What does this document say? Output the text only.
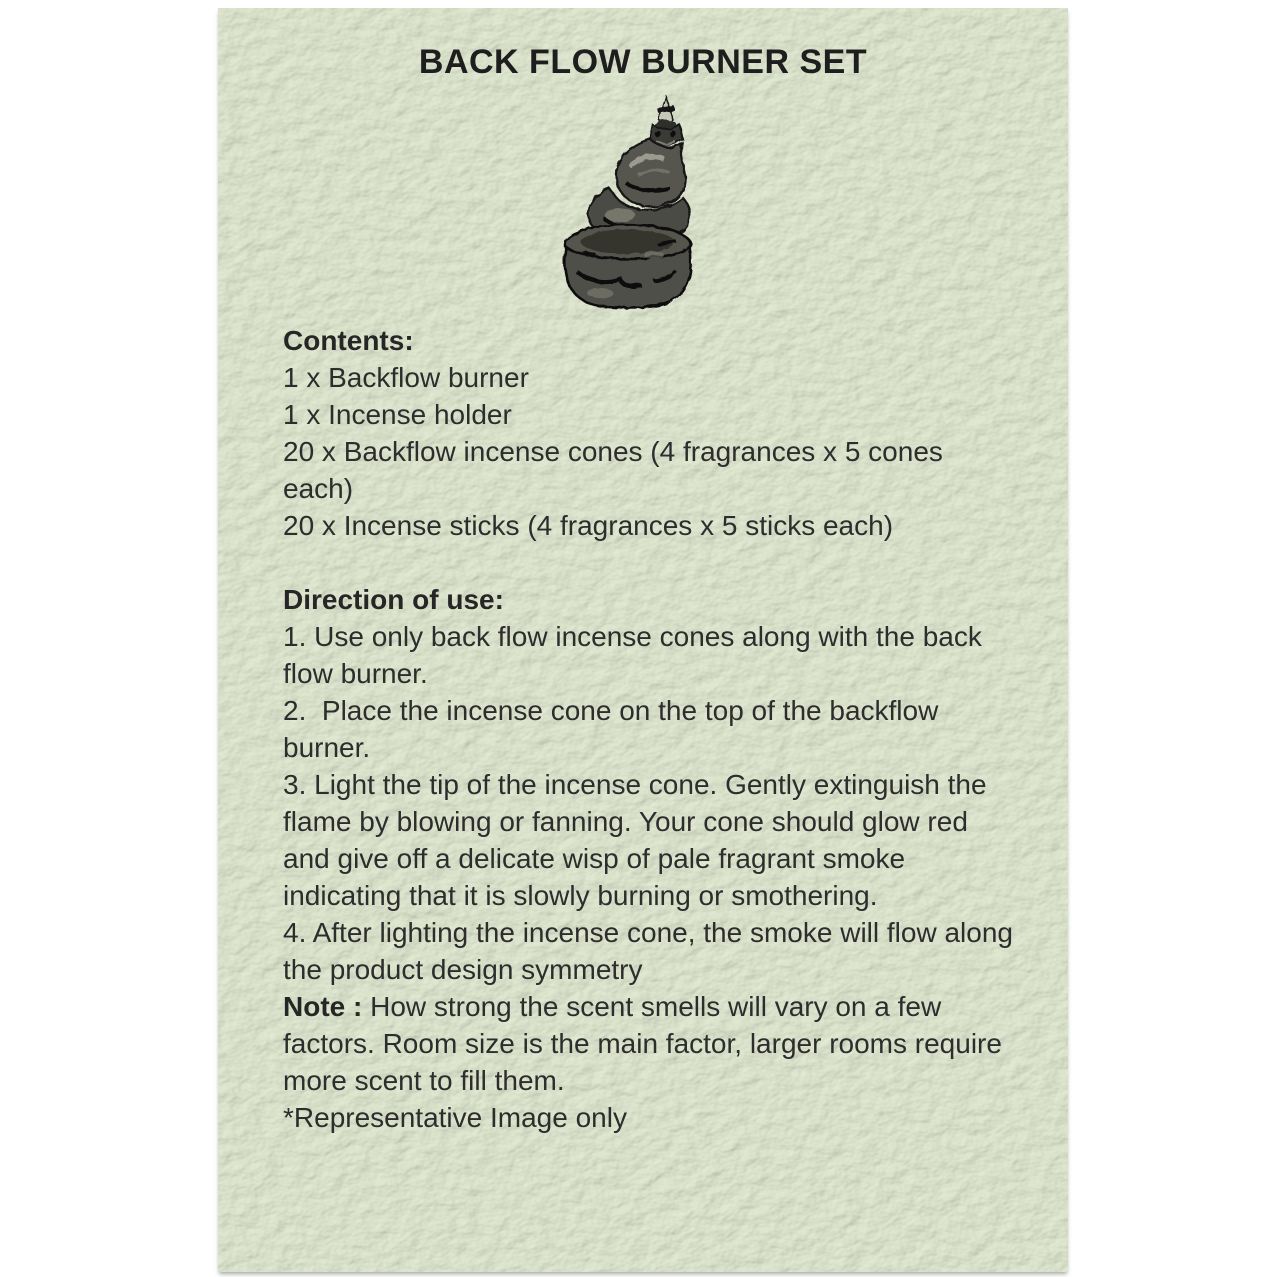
BACK FLOW BURNER SET

Contents:

1 x Backflow burner

1 x Incense holder

20 x Backflow incense cones (4 fragrances x 5 cones each)

20 x Incense sticks (4 fragrances x 5 sticks each)

Direction of use:

1. Use only back flow incense cones along with the back flow burner.

2.  Place the incense cone on the top of the backflow burner.

3. Light the tip of the incense cone. Gently extinguish the flame by blowing or fanning. Your cone should glow red and give off a delicate wisp of pale fragrant smoke indicating that it is slowly burning or smothering.

4. After lighting the incense cone, the smoke will flow along the product design symmetry

Note : How strong the scent smells will vary on a few factors. Room size is the main factor, larger rooms require more scent to fill them.

*Representative Image only
